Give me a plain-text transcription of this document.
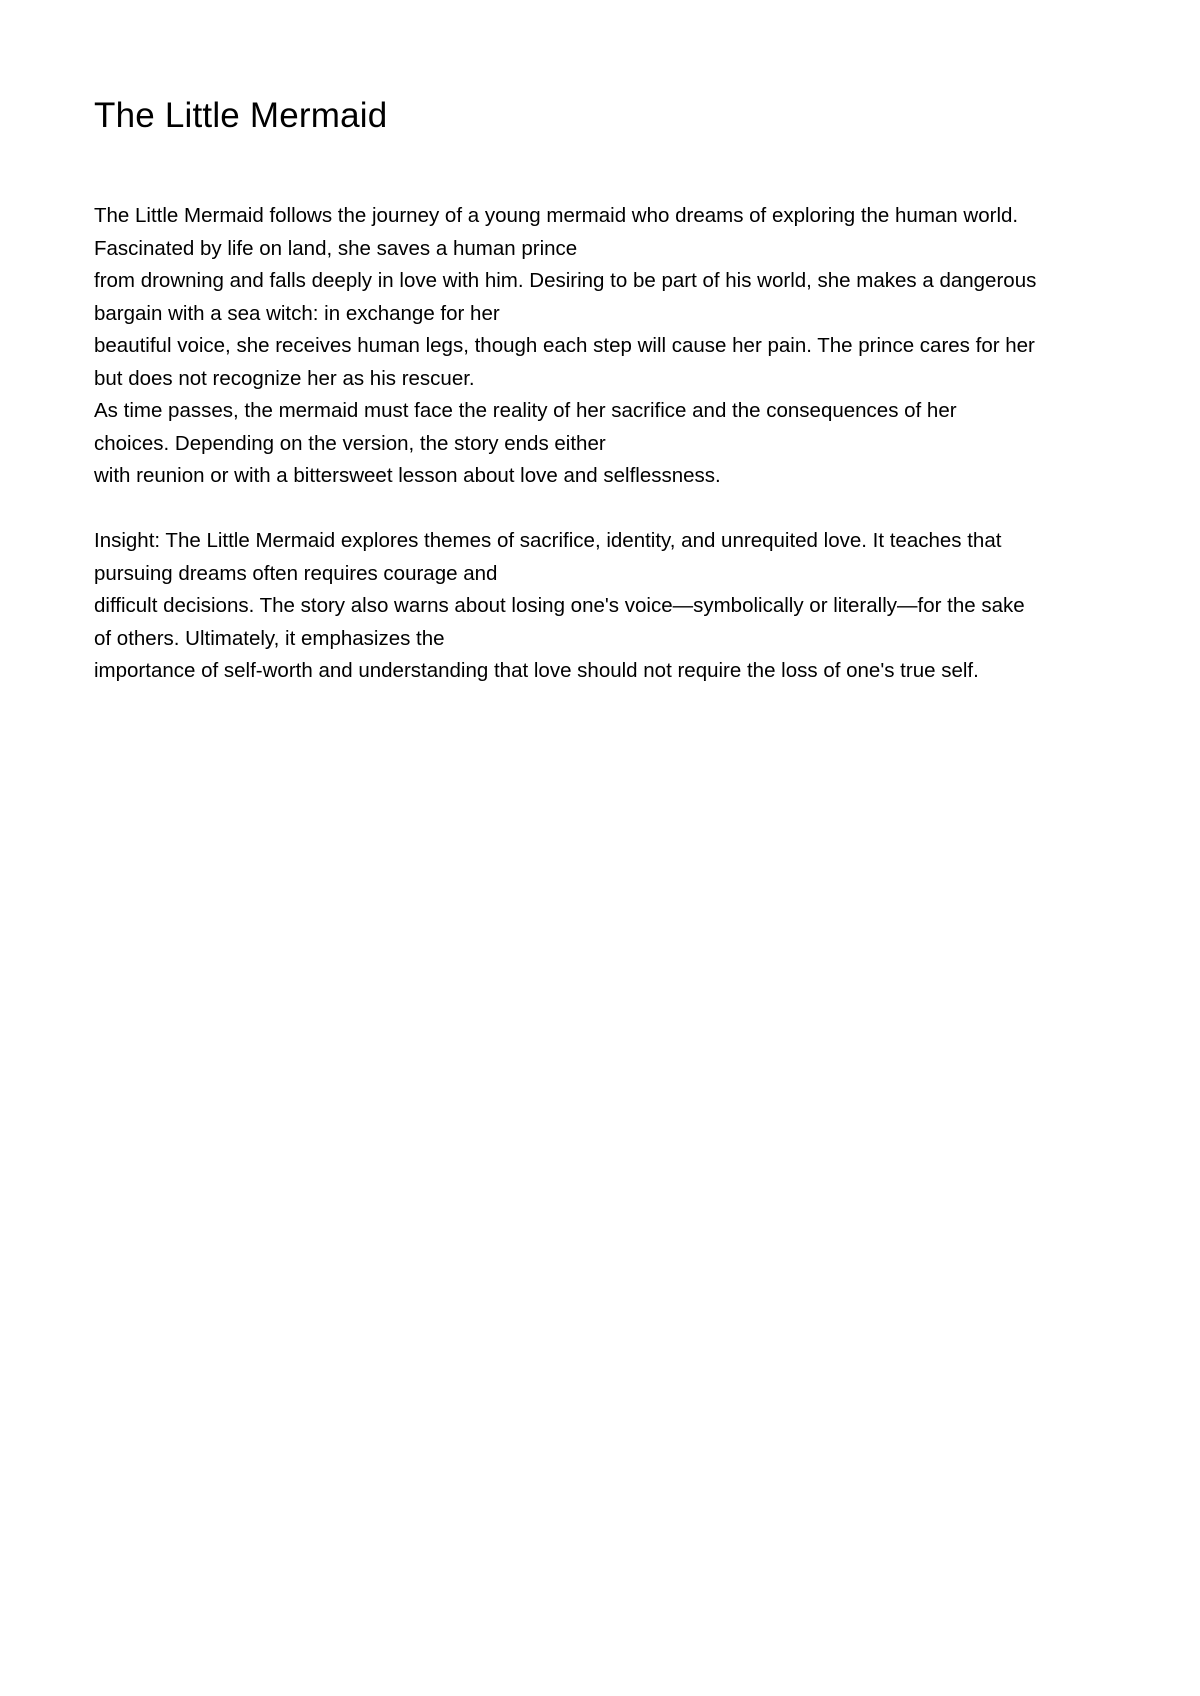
The Little Mermaid
The Little Mermaid follows the journey of a young mermaid who dreams of exploring the human world.
Fascinated by life on land, she saves a human prince
from drowning and falls deeply in love with him. Desiring to be part of his world, she makes a dangerous
bargain with a sea witch: in exchange for her
beautiful voice, she receives human legs, though each step will cause her pain. The prince cares for her
but does not recognize her as his rescuer.
As time passes, the mermaid must face the reality of her sacrifice and the consequences of her
choices. Depending on the version, the story ends either
with reunion or with a bittersweet lesson about love and selflessness.
Insight: The Little Mermaid explores themes of sacrifice, identity, and unrequited love. It teaches that
pursuing dreams often requires courage and
difficult decisions. The story also warns about losing one's voice—symbolically or literally—for the sake
of others. Ultimately, it emphasizes the
importance of self-worth and understanding that love should not require the loss of one's true self.
